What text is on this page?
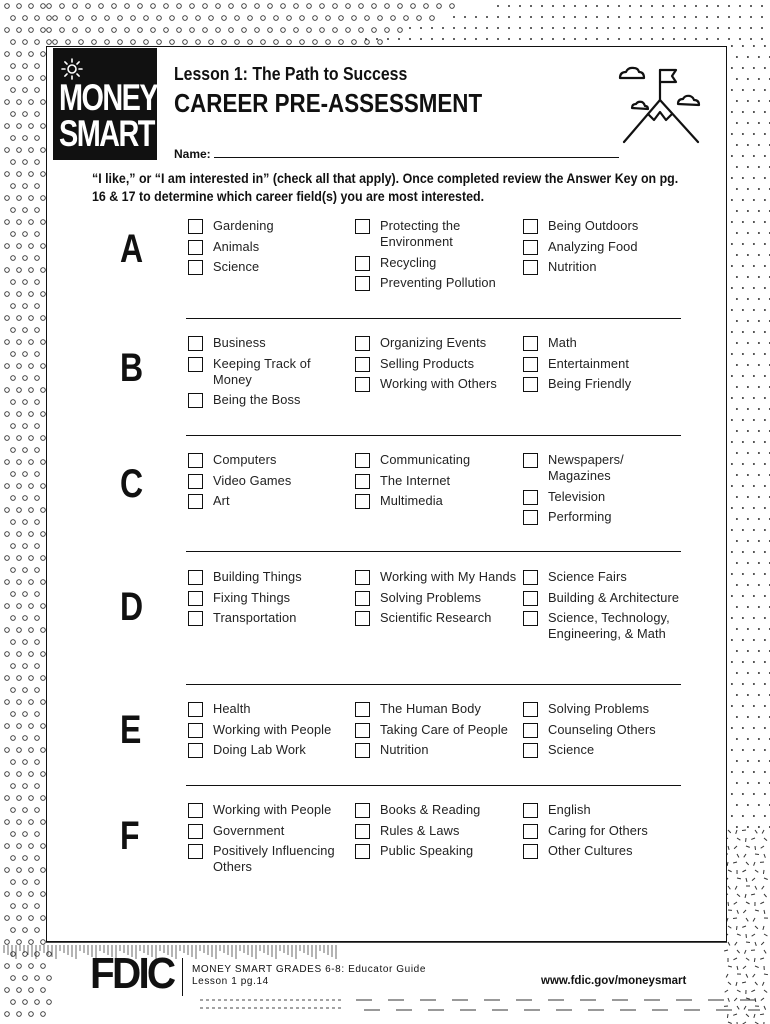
MONEY
SMART
Lesson 1: The Path to Success
CAREER PRE-ASSESSMENT
Name:
“I like,” or “I am interested in” (check all that apply). Once completed review the Answer Key on pg. 16 & 17 to determine which career field(s) you are most interested.
A
Gardening
Animals
Science
Protecting the Environment
Recycling
Preventing Pollution
Being Outdoors
Analyzing Food
Nutrition
B
Business
Keeping Track of Money
Being the Boss
Organizing Events
Selling Products
Working with Others
Math
Entertainment
Being Friendly
C
Computers
Video Games
Art
Communicating
The Internet
Multimedia
Newspapers/ Magazines
Television
Performing
D
Building Things
Fixing Things
Transportation
Working with My Hands
Solving Problems
Scientific Research
Science Fairs
Building & Architecture
Science, Technology, Engineering, & Math
E	Health
Working with People
Doing Lab Work
The Human Body
Taking Care of People
Nutrition
Solving Problems
Counseling Others
Science
F
Working with People
Government
Positively Influencing Others
Books & Reading
Rules & Laws
Public Speaking
English
Caring for Others
Other Cultures
FDIC MONEY SMART GRADES 6-8: Educator Guide
Lesson 1 pg.14	www.fdic.gov/moneysmart
